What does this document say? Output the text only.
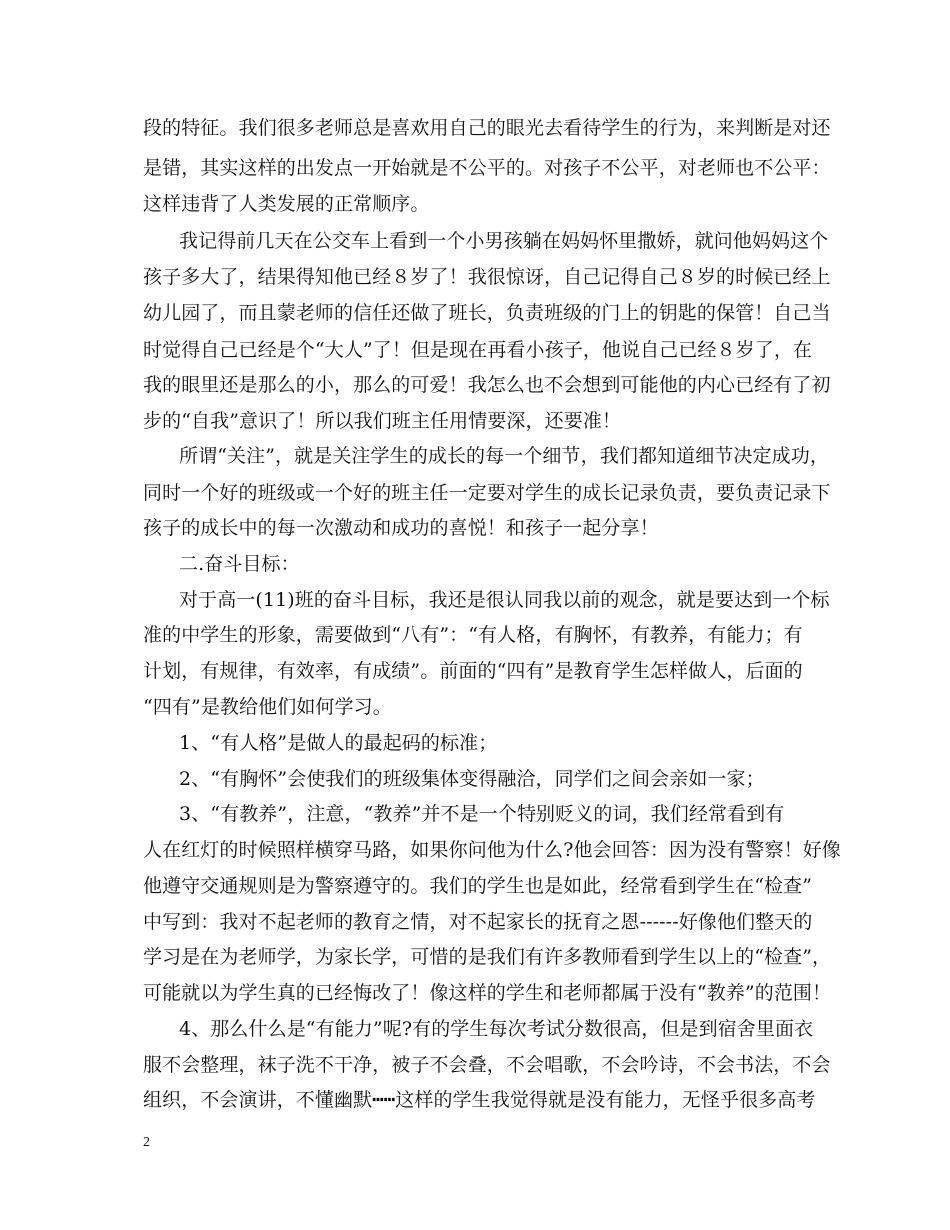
段的特征。我们很多老师总是喜欢用自己的眼光去看待学生的行为，来判断是对还
是错，其实这样的出发点一开始就是不公平的。对孩子不公平，对老师也不公平：
这样违背了人类发展的正常顺序。
我记得前几天在公交车上看到一个小男孩躺在妈妈怀里撒娇，就问他妈妈这个
孩子多大了，结果得知他已经８岁了！我很惊讶，自己记得自己８岁的时候已经上
幼儿园了，而且蒙老师的信任还做了班长，负责班级的门上的钥匙的保管！自己当
时觉得自己已经是个“大人”了！但是现在再看小孩子，他说自己已经８岁了，在
我的眼里还是那么的小，那么的可爱！我怎么也不会想到可能他的内心已经有了初
步的“自我”意识了！所以我们班主任用情要深，还要准！
所谓“关注”，就是关注学生的成长的每一个细节，我们都知道细节决定成功，
同时一个好的班级或一个好的班主任一定要对学生的成长记录负责，要负责记录下
孩子的成长中的每一次激动和成功的喜悦！和孩子一起分享！
二.奋斗目标：
对于高一(11)班的奋斗目标，我还是很认同我以前的观念，就是要达到一个标
准的中学生的形象，需要做到“八有”：“有人格，有胸怀，有教养，有能力；有
计划，有规律，有效率，有成绩”。前面的“四有”是教育学生怎样做人，后面的
“四有”是教给他们如何学习。
1、“有人格”是做人的最起码的标准；
2、“有胸怀”会使我们的班级集体变得融洽，同学们之间会亲如一家；
3、“有教养”，注意，“教养”并不是一个特别贬义的词，我们经常看到有
人在红灯的时候照样横穿马路，如果你问他为什么?他会回答：因为没有警察！好像
他遵守交通规则是为警察遵守的。我们的学生也是如此，经常看到学生在“检查”
中写到：我对不起老师的教育之情，对不起家长的抚育之恩------好像他们整天的
学习是在为老师学，为家长学，可惜的是我们有许多教师看到学生以上的“检查”，
可能就以为学生真的已经悔改了！像这样的学生和老师都属于没有“教养”的范围！
4、那么什么是“有能力”呢?有的学生每次考试分数很高，但是到宿舍里面衣
服不会整理，袜子洗不干净，被子不会叠，不会唱歌，不会吟诗，不会书法，不会
组织，不会演讲，不懂幽默┅┅这样的学生我觉得就是没有能力，无怪乎很多高考
2
